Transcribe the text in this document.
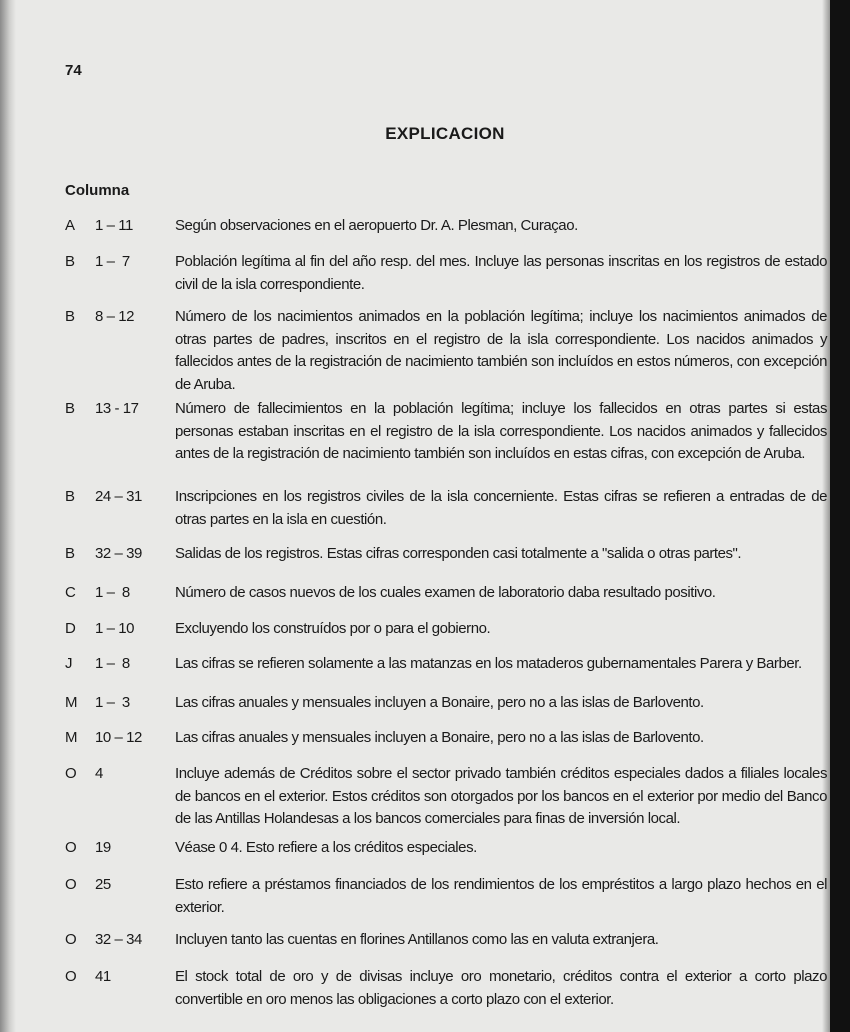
74
EXPLICACION
Columna
A	1 – 11	Según observaciones en el aeropuerto Dr. A. Plesman, Curaçao.
B	1 –  7	Población legítima al fin del año resp. del mes. Incluye las personas inscritas en los registros de estado civil de la isla correspondiente.
B	8 – 12	Número de los nacimientos animados en la población legítima; incluye los nacimientos animados de otras partes de padres, inscritos en el registro de la isla correspondiente. Los nacidos animados y fallecidos antes de la registración de nacimiento también son incluídos en estos números, con excepción de Aruba.
B	13 - 17	Número de fallecimientos en la población legítima; incluye los fallecidos en otras partes si estas personas estaban inscritas en el registro de la isla correspondiente. Los nacidos animados y fallecidos antes de la registración de nacimiento también son incluídos en estas cifras, con excepción de Aruba.
B	24 – 31	Inscripciones en los registros civiles de la isla concerniente. Estas cifras se refieren a entradas de de otras partes en la isla en cuestión.
B	32 – 39	Salidas de los registros. Estas cifras corresponden casi totalmente a "salida o otras partes".
C	1 –  8	Número de casos nuevos de los cuales examen de laboratorio daba resultado positivo.
D	1 – 10	Excluyendo los construídos por o para el gobierno.
J	1 –  8	Las cifras se refieren solamente a las matanzas en los mataderos gubernamentales Parera y Barber.
M	1 –  3	Las cifras anuales y mensuales incluyen a Bonaire, pero no a las islas de Barlovento.
M	10 – 12	Las cifras anuales y mensuales incluyen a Bonaire, pero no a las islas de Barlovento.
O	4	Incluye además de Créditos sobre el sector privado también créditos especiales dados a filiales locales de bancos en el exterior. Estos créditos son otorgados por los bancos en el exterior por medio del Banco de las Antillas Holandesas a los bancos comerciales para finas de inversión local.
O	19	Véase 0 4. Esto refiere a los créditos especiales.
O	25	Esto refiere a préstamos financiados de los rendimientos de los empréstitos a largo plazo hechos en el exterior.
O	32 – 34	Incluyen tanto las cuentas en florines Antillanos como las en valuta extranjera.
O	41	El stock total de oro y de divisas incluye oro monetario, créditos contra el exterior a corto plazo convertible en oro menos las obligaciones a corto plazo con el exterior.
